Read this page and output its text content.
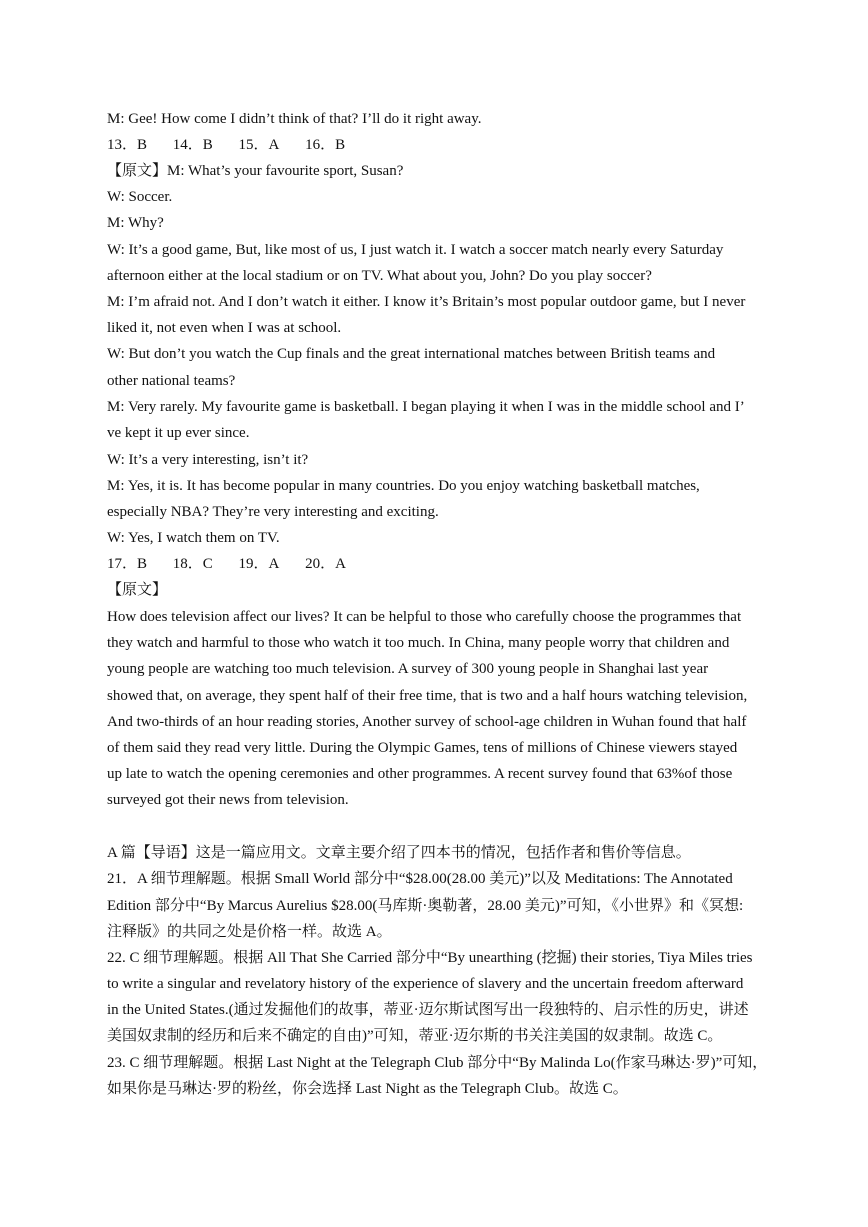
M: Gee! How come I didn’t think of that? I’ll do it right away.
13．B 14．B 15．A 16．B
【原文】M: What’s your favourite sport, Susan?
W: Soccer.
M: Why?
W: It’s a good game, But, like most of us, I just watch it. I watch a soccer match nearly every Saturday
afternoon either at the local stadium or on TV. What about you, John? Do you play soccer?
M: I’m afraid not. And I don’t watch it either. I know it’s Britain’s most popular outdoor game, but I never
liked it, not even when I was at school.
W: But don’t you watch the Cup finals and the great international matches between British teams and
other national teams?
M: Very rarely. My favourite game is basketball. I began playing it when I was in the middle school and I’
ve kept it up ever since.
W: It’s a very interesting, isn’t it?
M: Yes, it is. It has become popular in many countries. Do you enjoy watching basketball matches,
especially NBA? They’re very interesting and exciting.
W: Yes, I watch them on TV.
17．B 18．C 19．A 20．A
【原文】
How does television affect our lives? It can be helpful to those who carefully choose the programmes that
they watch and harmful to those who watch it too much. In China, many people worry that children and
young people are watching too much television. A survey of 300 young people in Shanghai last year
showed that, on average, they spent half of their free time, that is two and a half hours watching television,
And two-thirds of an hour reading stories, Another survey of school-age children in Wuhan found that half
of them said they read very little. During the Olympic Games, tens of millions of Chinese viewers stayed
up late to watch the opening ceremonies and other programmes. A recent survey found that 63%of those
surveyed got their news from television.
A 篇【导语】这是一篇应用文。文章主要介绍了四本书的情况，包括作者和售价等信息。
21．A 细节理解题。根据 Small World 部分中“$28.00(28.00 美元)”以及 Meditations: The Annotated
Edition 部分中“By Marcus Aurelius $28.00(马库斯·奥勒著，28.00 美元)”可知，《小世界》和《冥想:
注释版》的共同之处是价格一样。故选 A。
22. C 细节理解题。根据 All That She Carried 部分中“By unearthing (挖掘) their stories, Tiya Miles tries
to write a singular and revelatory history of the experience of slavery and the uncertain freedom afterward
in the United States.(通过发掘他们的故事，蒂亚·迈尔斯试图写出一段独特的、启示性的历史，讲述
美国奴隶制的经历和后来不确定的自由)”可知，蒂亚·迈尔斯的书关注美国的奴隶制。故选 C。
23. C 细节理解题。根据 Last Night at the Telegraph Club 部分中“By Malinda Lo(作家马琳达·罗)”可知，
如果你是马琳达·罗的粉丝，你会选择 Last Night as the Telegraph Club。故选 C。
